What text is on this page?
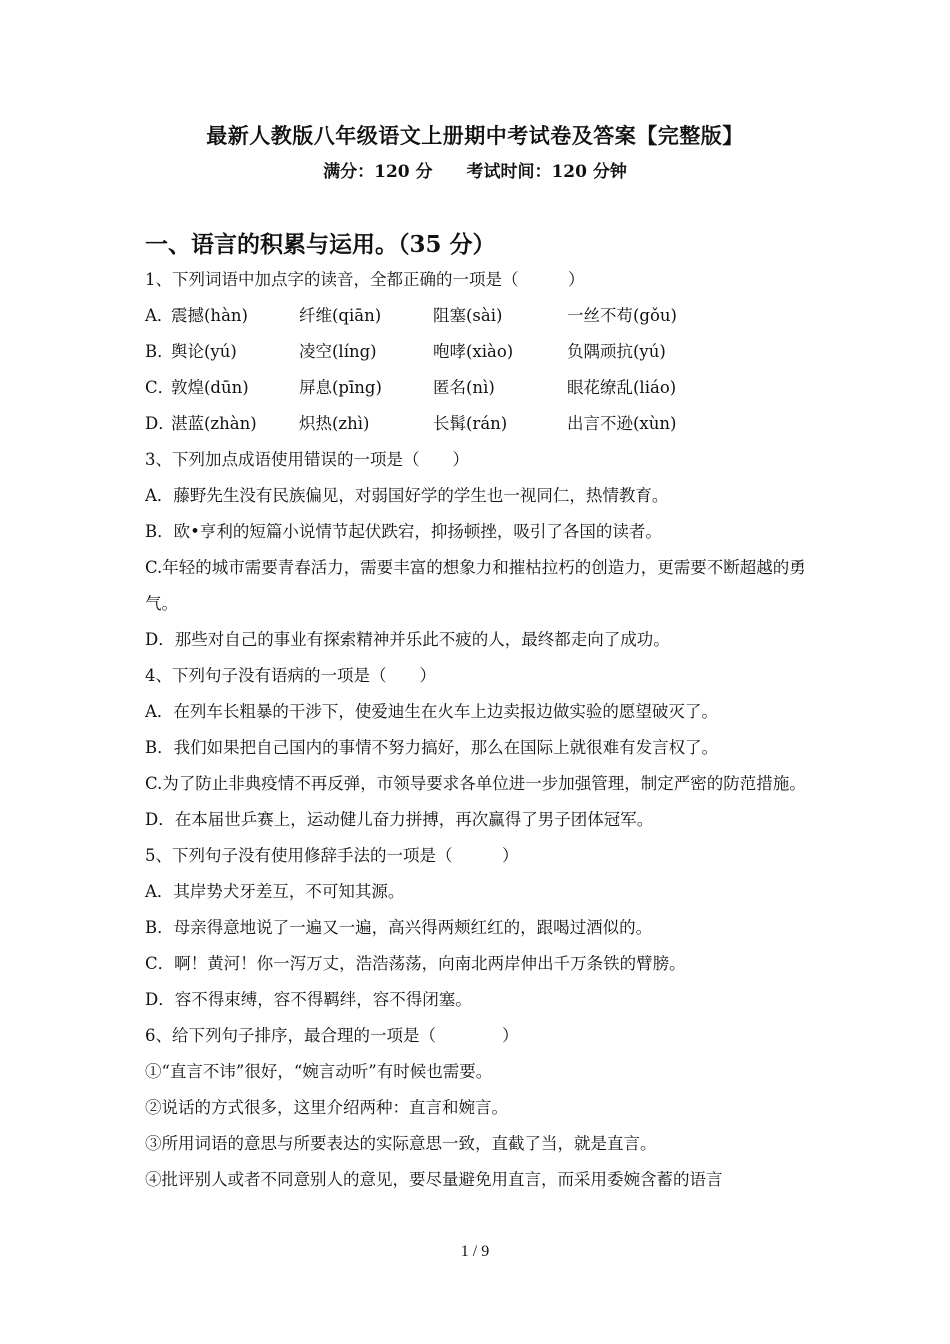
最新人教版八年级语文上册期中考试卷及答案【完整版】
满分：120 分 考试时间：120 分钟
一、语言的积累与运用。（35 分）
1、下列词语中加点字的读音，全都正确的一项是（　　　）
A．震撼(hàn)	纤维(qiān)	阻塞(sài)	一丝不苟(gǒu)
B．舆论(yú)	凌空(líng)	咆哮(xiào)	负隅顽抗(yú)
C．敦煌(dūn)	屏息(pīng)	匿名(nì)	眼花缭乱(liáo)
D．湛蓝(zhàn)	炽热(zhì)	长髯(rán)	出言不逊(xùn)
3、下列加点成语使用错误的一项是（　　）
A．藤野先生没有民族偏见，对弱国好学的学生也一视同仁，热情教育。
B．欧•亨利的短篇小说情节起伏跌宕，抑扬顿挫，吸引了各国的读者。
C.年轻的城市需要青春活力，需要丰富的想象力和摧枯拉朽的创造力，更需要不断超越的勇气。
D．那些对自己的事业有探索精神并乐此不疲的人，最终都走向了成功。
4、下列句子没有语病的一项是（　　）
A．在列车长粗暴的干涉下，使爱迪生在火车上边卖报边做实验的愿望破灭了。
B．我们如果把自己国内的事情不努力搞好，那么在国际上就很难有发言权了。
C.为了防止非典疫情不再反弹，市领导要求各单位进一步加强管理，制定严密的防范措施。
D．在本届世乒赛上，运动健儿奋力拼搏，再次赢得了男子团体冠军。
5、下列句子没有使用修辞手法的一项是（　　　）
A．其岸势犬牙差互，不可知其源。
B．母亲得意地说了一遍又一遍，高兴得两颊红红的，跟喝过酒似的。
C．啊！黄河！你一泻万丈，浩浩荡荡，向南北两岸伸出千万条铁的臂膀。
D．容不得束缚，容不得羁绊，容不得闭塞。
6、给下列句子排序，最合理的一项是（　　　　）
①“直言不讳”很好，“婉言动听”有时候也需要。
②说话的方式很多，这里介绍两种：直言和婉言。
③所用词语的意思与所要表达的实际意思一致，直截了当，就是直言。
④批评别人或者不同意别人的意见，要尽量避免用直言，而采用委婉含蓄的语言
1 / 9
